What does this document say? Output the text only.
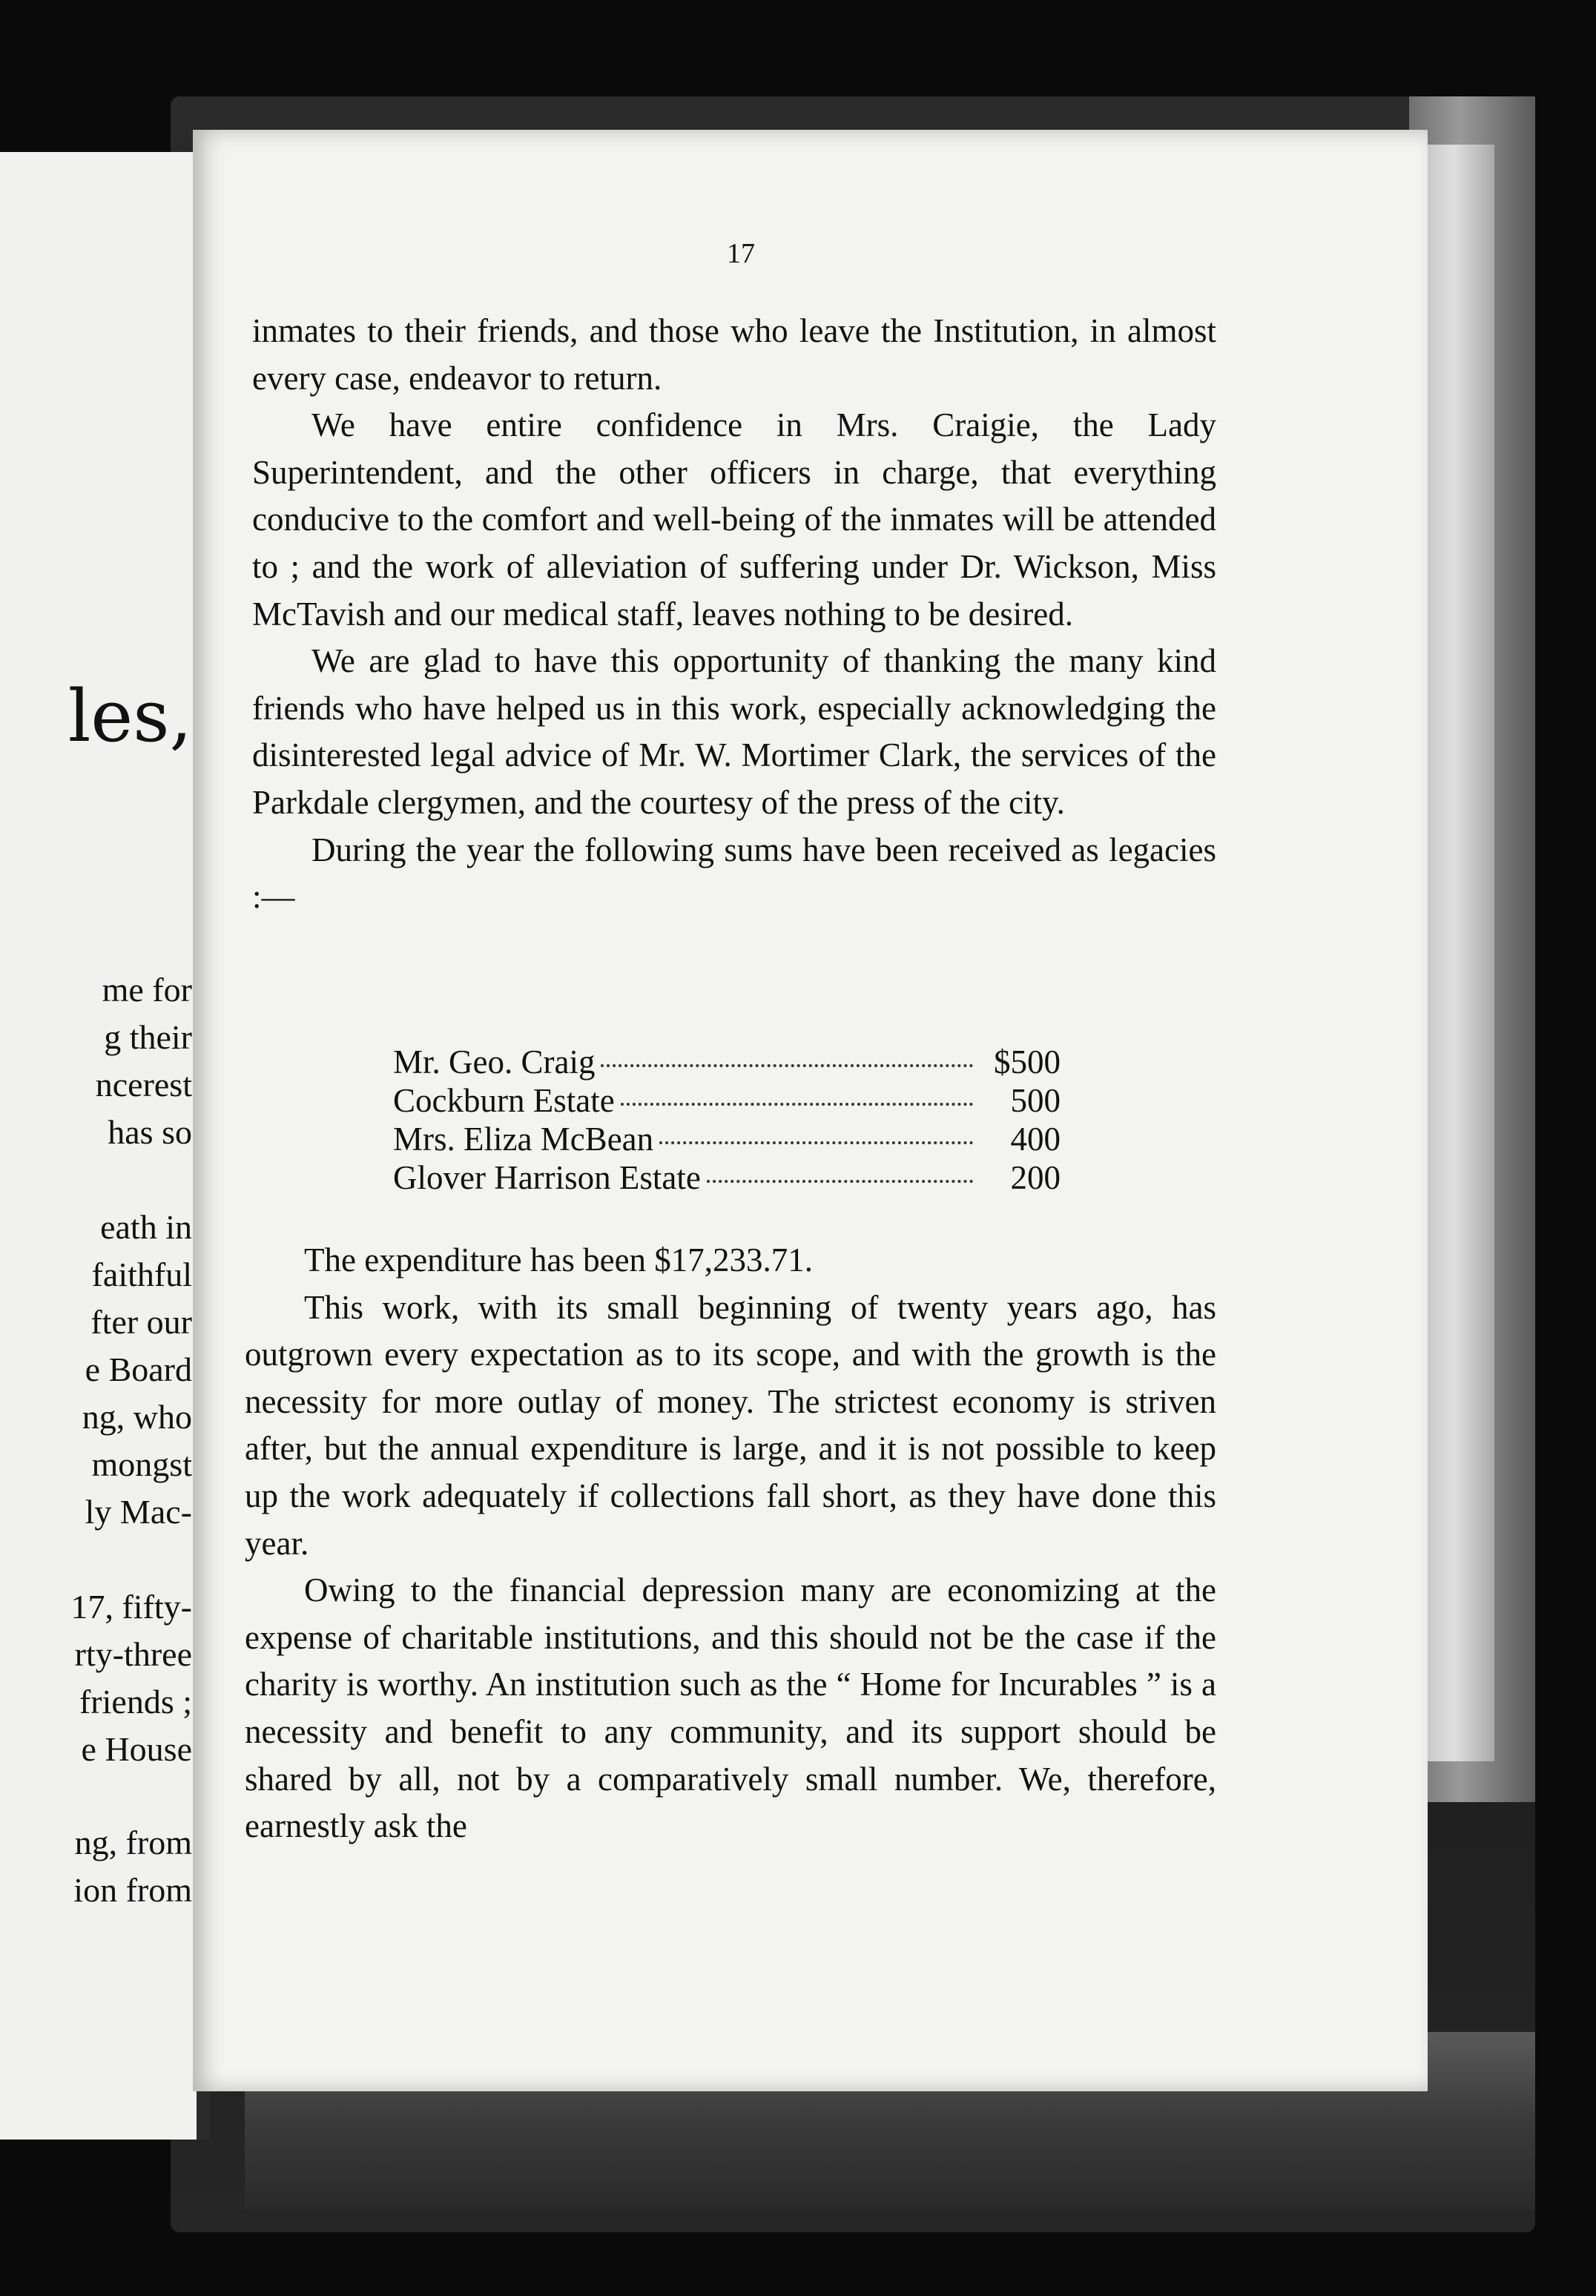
les,
me for
g their
ncerest
has so
eath in
faithful
fter our
e Board
ng, who
mongst
ly Mac-
17, fifty-
rty-three
friends ;
e House
ng, from
ion from
17

inmates to their friends, and those who leave the Institution, in almost every case, endeavor to return.

We have entire confidence in Mrs. Craigie, the Lady Superintendent, and the other officers in charge, that everything conducive to the comfort and well-being of the inmates will be attended to ; and the work of alleviation of suffering under Dr. Wickson, Miss McTavish and our medical staff, leaves nothing to be desired.

We are glad to have this opportunity of thanking the many kind friends who have helped us in this work, especially acknowledging the disinterested legal advice of Mr. W. Mortimer Clark, the services of the Parkdale clergymen, and the courtesy of the press of the city.

During the year the following sums have been received as legacies :—

Mr. Geo. Craig	$500
Cockburn Estate	500
Mrs. Eliza McBean	400
Glover Harrison Estate	200

The expenditure has been $17,233.71.

This work, with its small beginning of twenty years ago, has outgrown every expectation as to its scope, and with the growth is the necessity for more outlay of money. The strictest economy is striven after, but the annual expenditure is large, and it is not possible to keep up the work adequately if collections fall short, as they have done this year.

Owing to the financial depression many are economizing at the expense of charitable institutions, and this should not be the case if the charity is worthy. An institution such as the “ Home for Incurables ” is a necessity and benefit to any community, and its support should be shared by all, not by a comparatively small number. We, therefore, earnestly ask the
